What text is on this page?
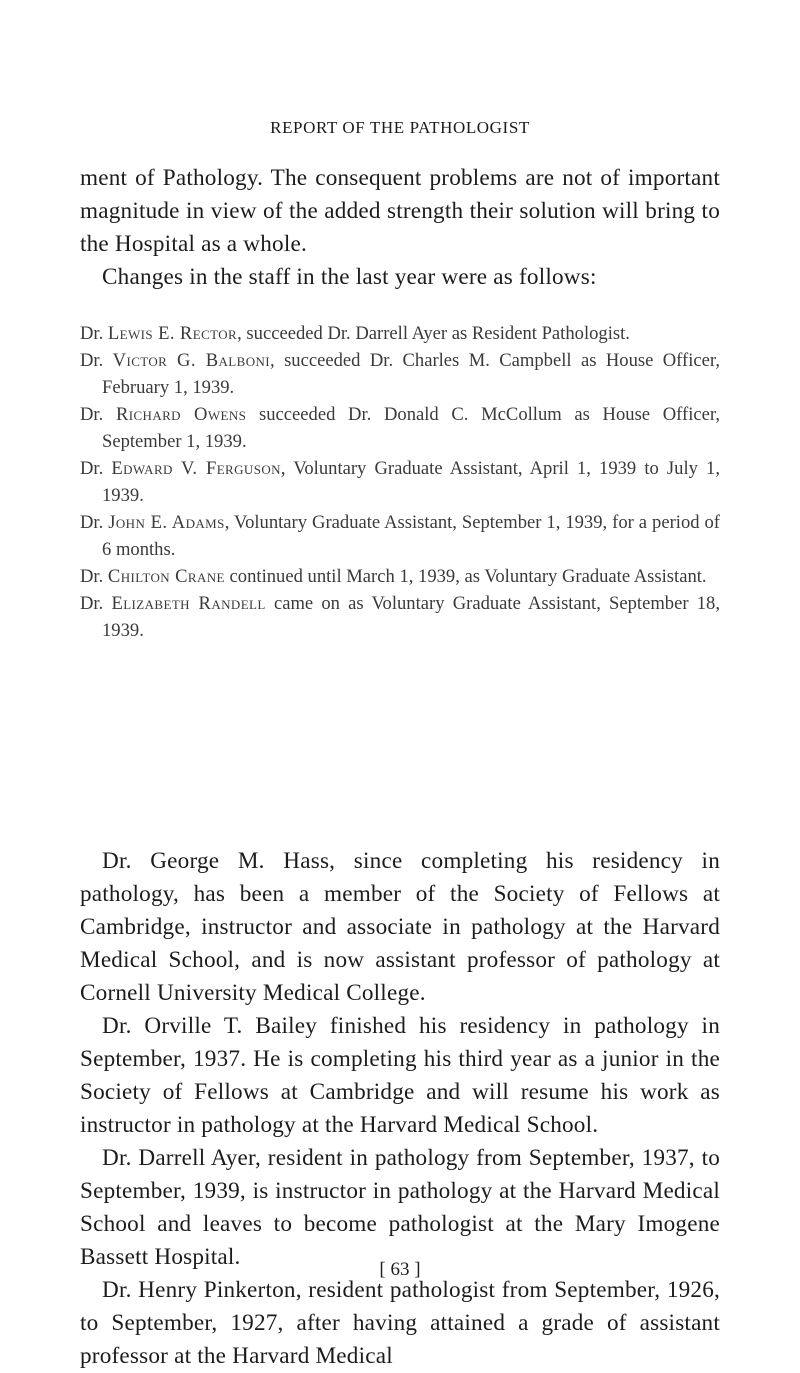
REPORT OF THE PATHOLOGIST

ment of Pathology. The consequent problems are not of important magnitude in view of the added strength their solution will bring to the Hospital as a whole.

Changes in the staff in the last year were as follows:

Dr. Lewis E. Rector, succeeded Dr. Darrell Ayer as Resident Pathologist.

Dr. Victor G. Balboni, succeeded Dr. Charles M. Campbell as House Officer, February 1, 1939.

Dr. Richard Owens succeeded Dr. Donald C. McCollum as House Officer, September 1, 1939.

Dr. Edward V. Ferguson, Voluntary Graduate Assistant, April 1, 1939 to July 1, 1939.

Dr. John E. Adams, Voluntary Graduate Assistant, September 1, 1939, for a period of 6 months.

Dr. Chilton Crane continued until March 1, 1939, as Voluntary Graduate Assistant.

Dr. Elizabeth Randell came on as Voluntary Graduate Assistant, September 18, 1939.

Dr. George M. Hass, since completing his residency in pathology, has been a member of the Society of Fellows at Cambridge, instructor and associate in pathology at the Harvard Medical School, and is now assistant professor of pathology at Cornell University Medical College.

Dr. Orville T. Bailey finished his residency in pathology in September, 1937. He is completing his third year as a junior in the Society of Fellows at Cambridge and will resume his work as instructor in pathology at the Harvard Medical School.

Dr. Darrell Ayer, resident in pathology from September, 1937, to September, 1939, is instructor in pathology at the Harvard Medical School and leaves to become pathologist at the Mary Imogene Bassett Hospital.

Dr. Henry Pinkerton, resident pathologist from September, 1926, to September, 1927, after having attained a grade of assistant professor at the Harvard Medical

[ 63 ]
